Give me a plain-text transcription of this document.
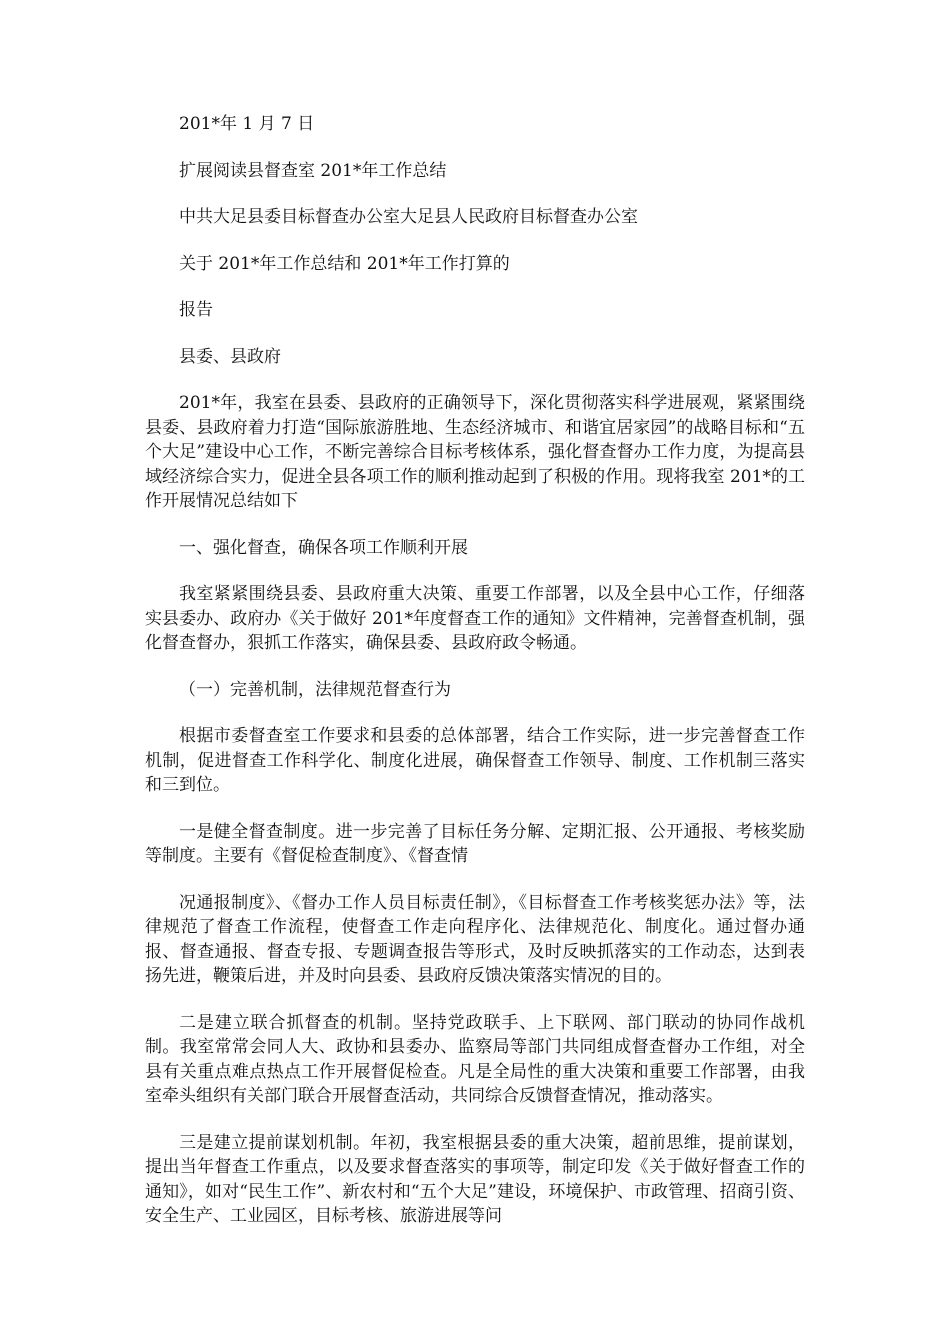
201*年 1 月 7 日

扩展阅读县督查室 201*年工作总结

中共大足县委目标督查办公室大足县人民政府目标督查办公室

关于 201*年工作总结和 201*年工作打算的

报告

县委、县政府

201*年，我室在县委、县政府的正确领导下，深化贯彻落实科学进展观，紧紧围绕县委、县政府着力打造“国际旅游胜地、生态经济城市、和谐宜居家园”的战略目标和“五个大足”建设中心工作，不断完善综合目标考核体系，强化督查督办工作力度，为提高县域经济综合实力，促进全县各项工作的顺利推动起到了积极的作用。现将我室 201*的工作开展情况总结如下

一、强化督查，确保各项工作顺利开展

我室紧紧围绕县委、县政府重大决策、重要工作部署，以及全县中心工作，仔细落实县委办、政府办《关于做好 201*年度督查工作的通知》文件精神，完善督查机制，强化督查督办，狠抓工作落实，确保县委、县政府政令畅通。

（一）完善机制，法律规范督查行为

根据市委督查室工作要求和县委的总体部署，结合工作实际，进一步完善督查工作机制，促进督查工作科学化、制度化进展，确保督查工作领导、制度、工作机制三落实和三到位。

一是健全督查制度。进一步完善了目标任务分解、定期汇报、公开通报、考核奖励等制度。主要有《督促检查制度》、《督查情

况通报制度》、《督办工作人员目标责任制》，《目标督查工作考核奖惩办法》等，法律规范了督查工作流程，使督查工作走向程序化、法律规范化、制度化。通过督办通报、督查通报、督查专报、专题调查报告等形式，及时反映抓落实的工作动态，达到表扬先进，鞭策后进，并及时向县委、县政府反馈决策落实情况的目的。

二是建立联合抓督查的机制。坚持党政联手、上下联网、部门联动的协同作战机制。我室常常会同人大、政协和县委办、监察局等部门共同组成督查督办工作组，对全县有关重点难点热点工作开展督促检查。凡是全局性的重大决策和重要工作部署，由我室牵头组织有关部门联合开展督查活动，共同综合反馈督查情况，推动落实。

三是建立提前谋划机制。年初，我室根据县委的重大决策，超前思维，提前谋划，提出当年督查工作重点，以及要求督查落实的事项等，制定印发《关于做好督查工作的通知》，如对“民生工作”、新农村和“五个大足”建设，环境保护、市政管理、招商引资、安全生产、工业园区，目标考核、旅游进展等问
